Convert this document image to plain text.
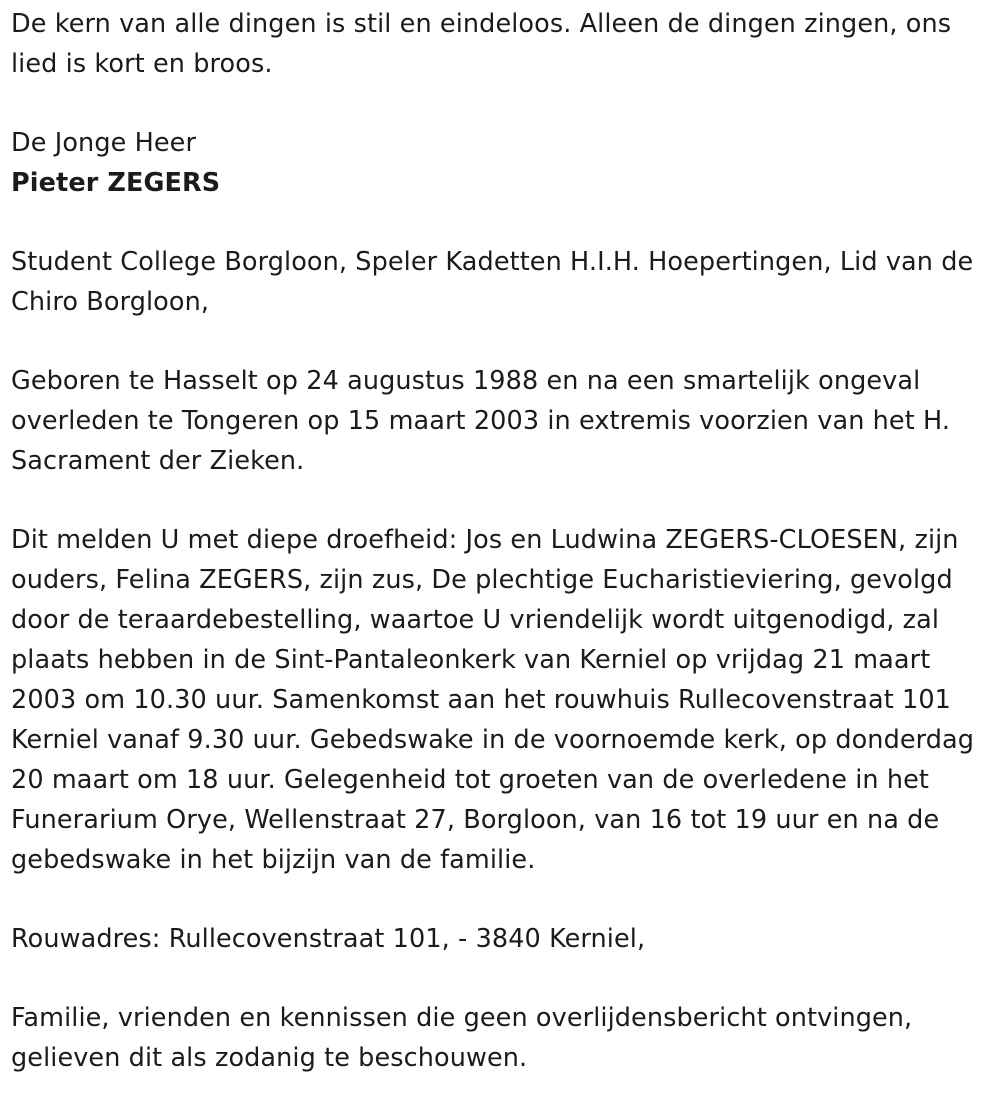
De kern van alle dingen is stil en eindeloos. Alleen de dingen zingen, ons lied is kort en broos.

De Jonge Heer

Pieter ZEGERS

Student College Borgloon, Speler Kadetten H.I.H. Hoepertingen, Lid van de Chiro Borgloon,

Geboren te Hasselt op 24 augustus 1988 en na een smartelijk ongeval overleden te Tongeren op 15 maart 2003 in extremis voorzien van het H. Sacrament der Zieken.

Dit melden U met diepe droefheid: Jos en Ludwina ZEGERS-CLOESEN, zijn ouders, Felina ZEGERS, zijn zus, De plechtige Eucharistieviering, gevolgd door de teraardebestelling, waartoe U vriendelijk wordt uitgenodigd, zal plaats hebben in de Sint-Pantaleonkerk van Kerniel op vrijdag 21 maart 2003 om 10.30 uur. Samenkomst aan het rouwhuis Rullecovenstraat 101 Kerniel vanaf 9.30 uur. Gebedswake in de voornoemde kerk, op donderdag 20 maart om 18 uur. Gelegenheid tot groeten van de overledene in het Funerarium Orye, Wellenstraat 27, Borgloon, van 16 tot 19 uur en na de gebedswake in het bijzijn van de familie.

Rouwadres: Rullecovenstraat 101, - 3840 Kerniel,

Familie, vrienden en kennissen die geen overlijdensbericht ontvingen, gelieven dit als zodanig te beschouwen.
